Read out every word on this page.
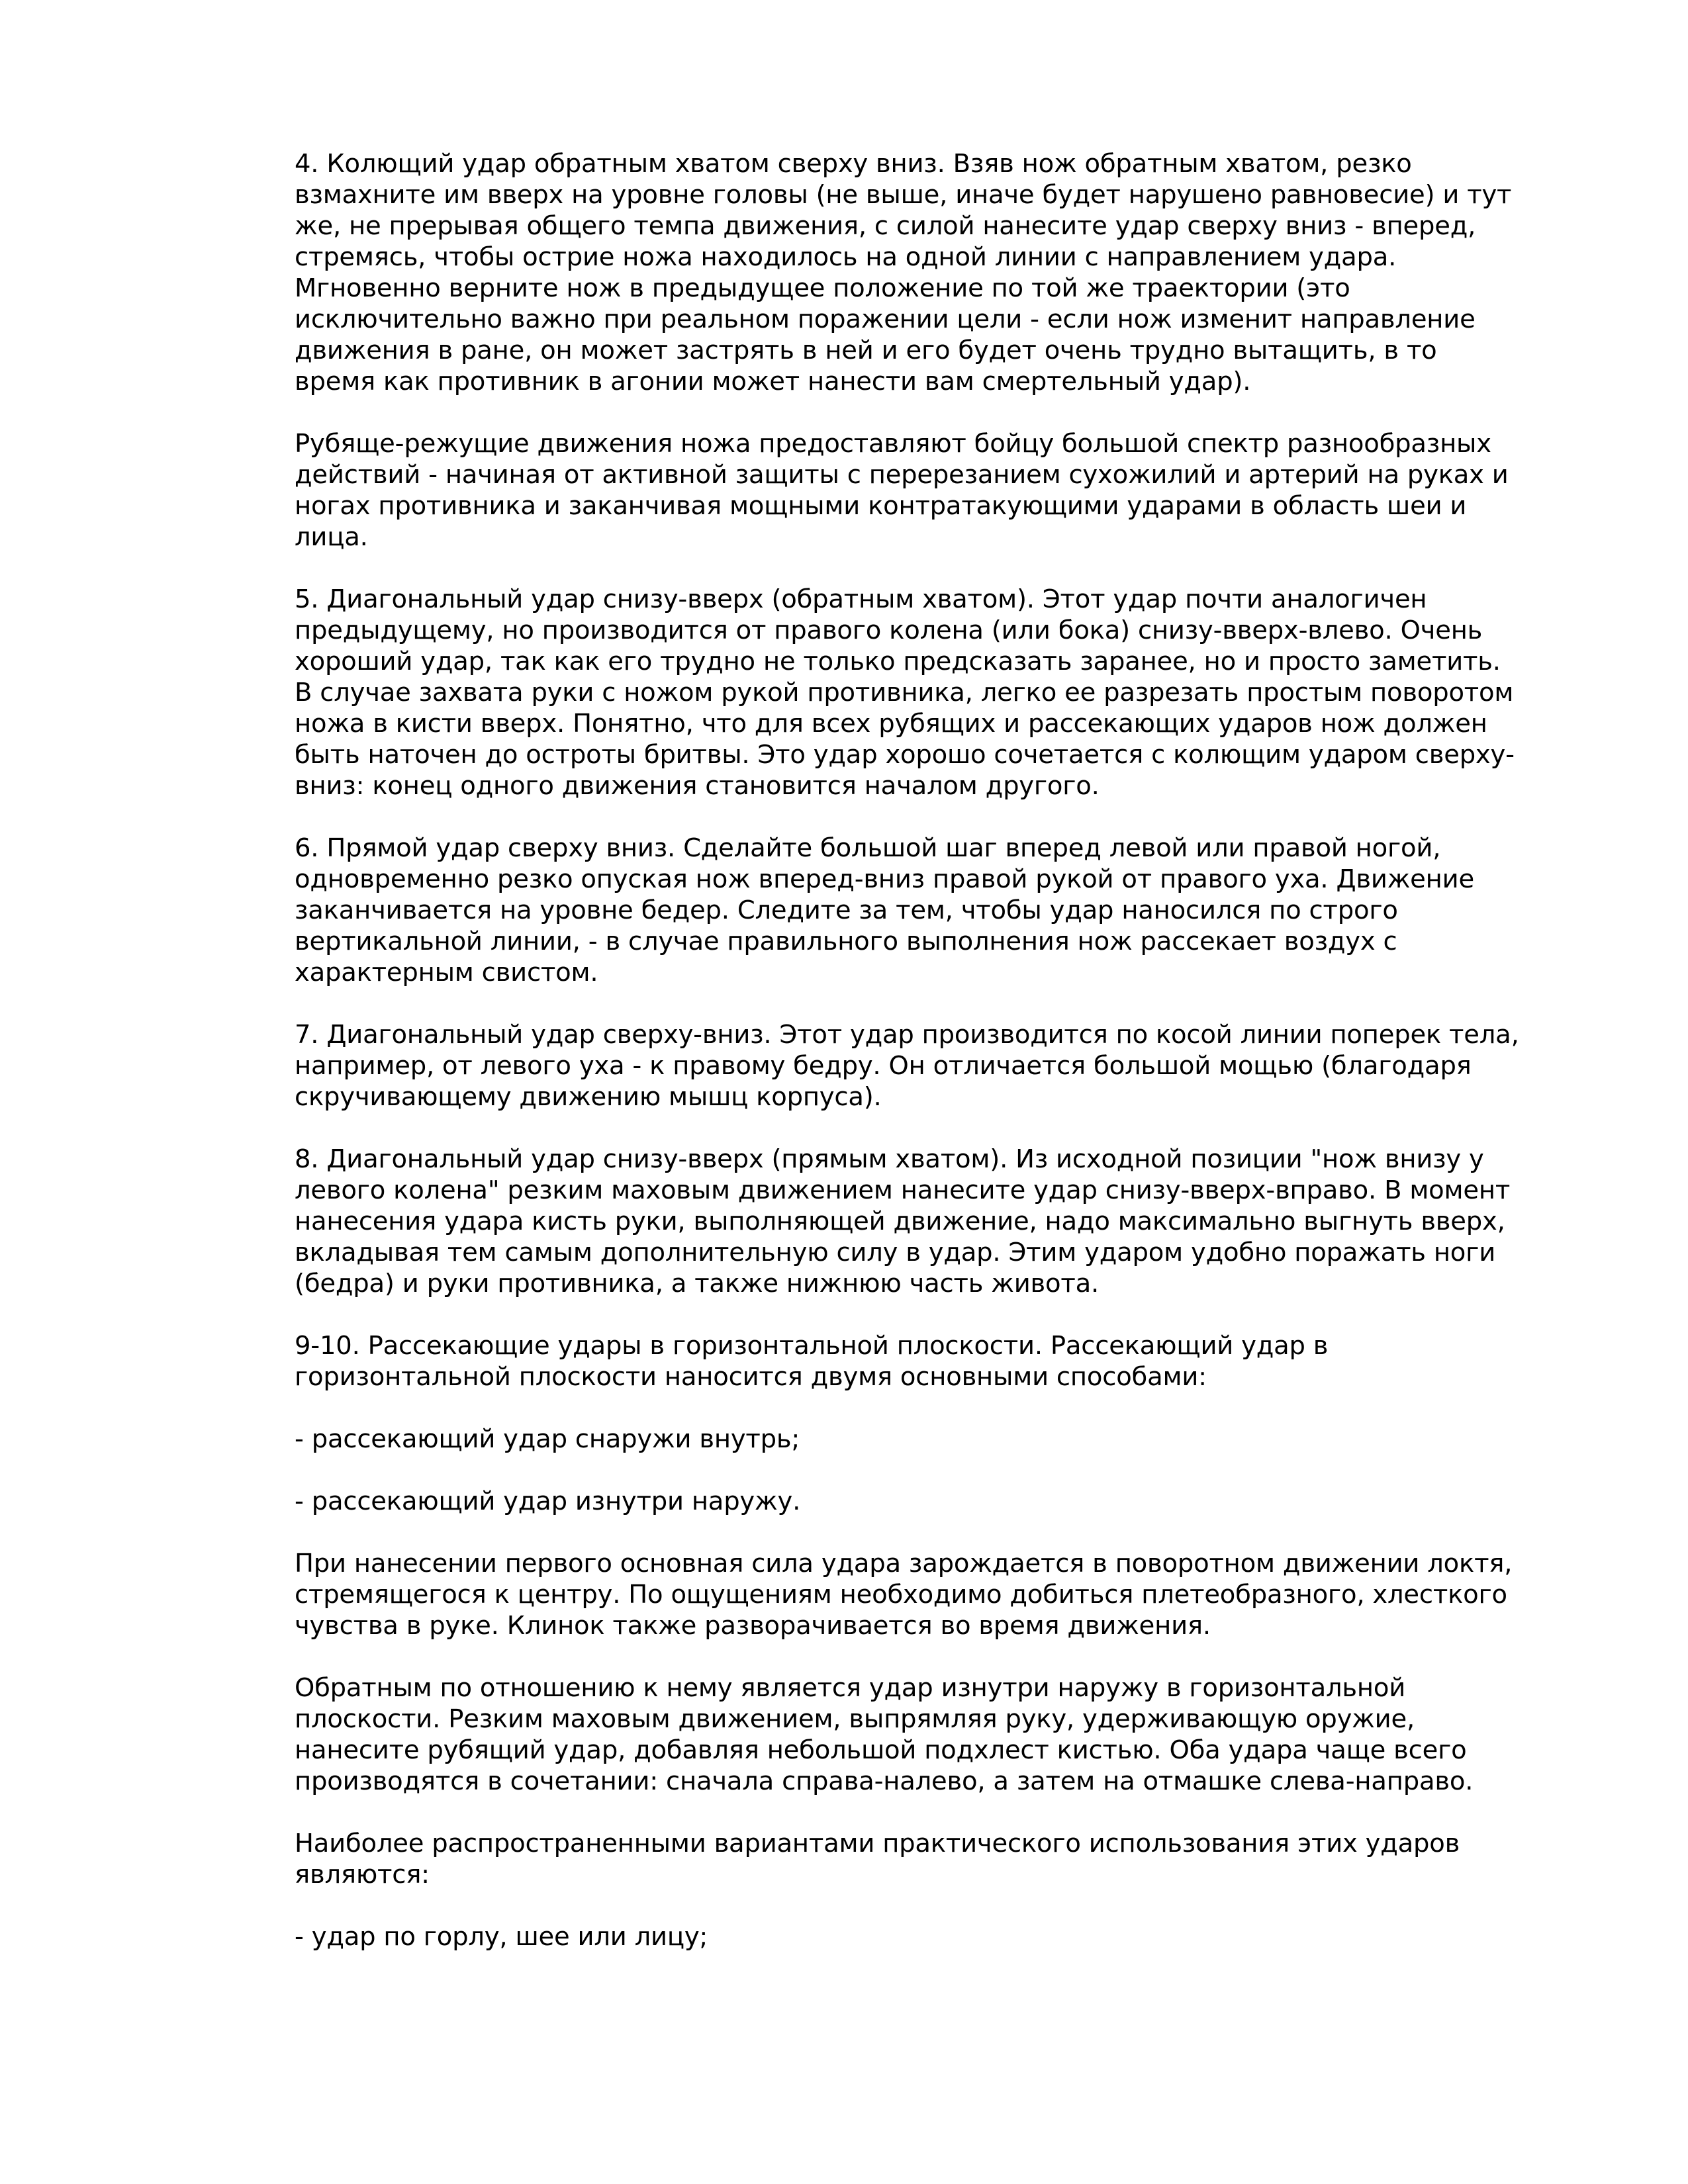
4. Колющий удар обратным хватом сверху вниз. Взяв нож обратным хватом, резко взмахните им вверх на уровне головы (не выше, иначе будет нарушено равновесие) и тут же, не прерывая общего темпа движения, с силой нанесите удар сверху вниз - вперед, стремясь, чтобы острие ножа находилось на одной линии с направлением удара. Мгновенно верните нож в предыдущее положение по той же траектории (это исключительно важно при реальном поражении цели - если нож изменит направление движения в ране, он может застрять в ней и его будет очень трудно вытащить, в то время как противник в агонии может нанести вам смертельный удар).

Рубяще-режущие движения ножа предоставляют бойцу большой спектр разнообразных действий - начиная от активной защиты с перерезанием сухожилий и артерий на руках и ногах противника и заканчивая мощными контратакующими ударами в область шеи и лица.

5. Диагональный удар снизу-вверх (обратным хватом). Этот удар почти аналогичен предыдущему, но производится от правого колена (или бока) снизу-вверх-влево. Очень хороший удар, так как его трудно не только предсказать заранее, но и просто заметить. В случае захвата руки с ножом рукой противника, легко ее разрезать простым поворотом ножа в кисти вверх. Понятно, что для всех рубящих и рассекающих ударов нож должен быть наточен до остроты бритвы. Это удар хорошо сочетается с колющим ударом сверху-вниз: конец одного движения становится началом другого.

6. Прямой удар сверху вниз. Сделайте большой шаг вперед левой или правой ногой, одновременно резко опуская нож вперед-вниз правой рукой от правого уха. Движение заканчивается на уровне бедер. Следите за тем, чтобы удар наносился по строго вертикальной линии, - в случае правильного выполнения нож рассекает воздух с характерным свистом.

7. Диагональный удар сверху-вниз. Этот удар производится по косой линии поперек тела, например, от левого уха - к правому бедру. Он отличается большой мощью (благодаря скручивающему движению мышц корпуса).

8. Диагональный удар снизу-вверх (прямым хватом). Из исходной позиции "нож внизу у левого колена" резким маховым движением нанесите удар снизу-вверх-вправо. В момент нанесения удара кисть руки, выполняющей движение, надо максимально выгнуть вверх, вкладывая тем самым дополнительную силу в удар. Этим ударом удобно поражать ноги (бедра) и руки противника, а также нижнюю часть живота.

9-10. Рассекающие удары в горизонтальной плоскости. Рассекающий удар в горизонтальной плоскости наносится двумя основными способами:

- рассекающий удар снаружи внутрь;

- рассекающий удар изнутри наружу.

При нанесении первого основная сила удара зарождается в поворотном движении локтя, стремящегося к центру. По ощущениям необходимо добиться плетеобразного, хлесткого чувства в руке. Клинок также разворачивается во время движения.

Обратным по отношению к нему является удар изнутри наружу в горизонтальной плоскости. Резким маховым движением, выпрямляя руку, удерживающую оружие, нанесите рубящий удар, добавляя небольшой подхлест кистью. Оба удара чаще всего производятся в сочетании: сначала справа-налево, а затем на отмашке слева-направо.

Наиболее распространенными вариантами практического использования этих ударов являются:

- удар по горлу, шее или лицу;
